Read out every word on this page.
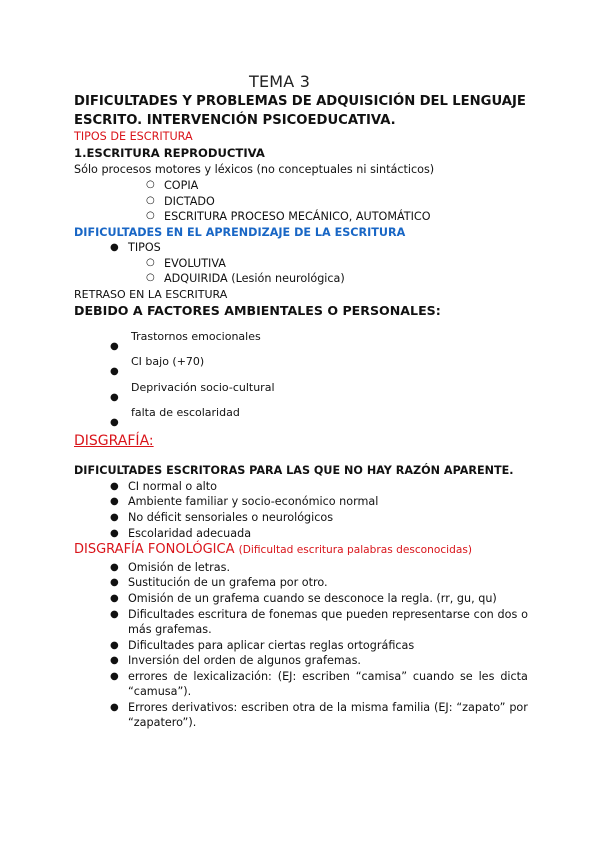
TEMA 3
DIFICULTADES Y PROBLEMAS DE ADQUISICIÓN DEL LENGUAJE
ESCRITO. INTERVENCIÓN PSICOEDUCATIVA.
TIPOS DE ESCRITURA
1.ESCRITURA REPRODUCTIVA
Sólo procesos motores y léxicos (no conceptuales ni sintácticos)
○ COPIA
○ DICTADO
○ ESCRITURA PROCESO MECÁNICO, AUTOMÁTICO
DIFICULTADES EN EL APRENDIZAJE DE LA ESCRITURA
● TIPOS
○ EVOLUTIVA
○ ADQUIRIDA (Lesión neurológica)
RETRASO EN LA ESCRITURA
DEBIDO A FACTORES AMBIENTALES O PERSONALES:
●
Trastornos emocionales
●
CI bajo (+70)
●
Deprivación socio-cultural
●
falta de escolaridad
DISGRAFÍA:
DIFICULTADES ESCRITORAS PARA LAS QUE NO HAY RAZÓN APARENTE.
● CI normal o alto
● Ambiente familiar y socio-económico normal
● No déficit sensoriales o neurológicos
● Escolaridad adecuada
DISGRAFÍA FONOLÓGICA (Dificultad escritura palabras desconocidas)
● Omisión de letras.
● Sustitución de un grafema por otro.
● Omisión de un grafema cuando se desconoce la regla. (rr, gu, qu)
● Dificultades escritura de fonemas que pueden representarse con dos o
más grafemas.
● Dificultades para aplicar ciertas reglas ortográficas
● Inversión del orden de algunos grafemas.
● errores de lexicalización: (EJ: escriben “camisa” cuando se les dicta
“camusa”).
● Errores derivativos: escriben otra de la misma familia (EJ: “zapato” por
“zapatero”).
